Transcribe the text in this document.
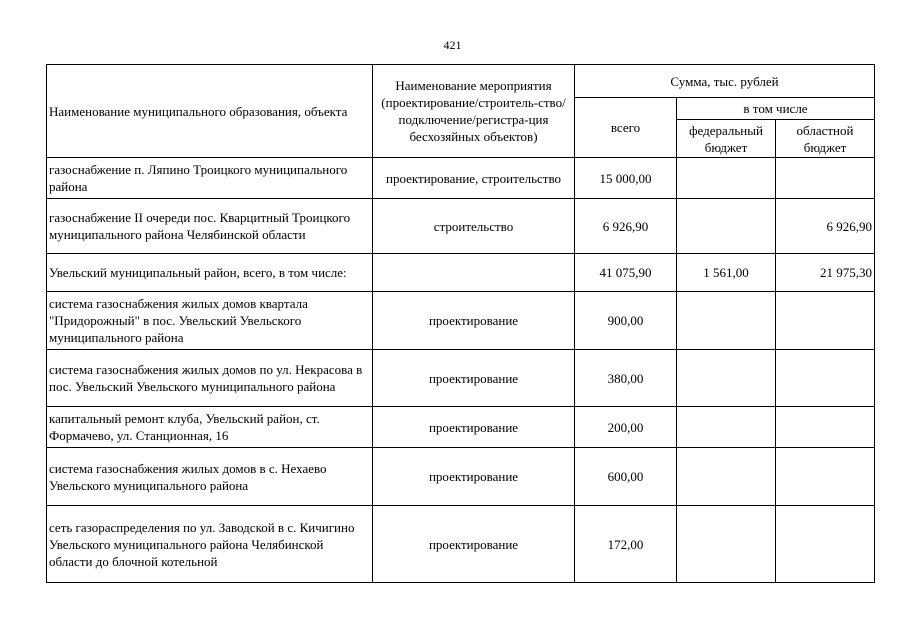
421
Наименование муниципального образования, объекта	Наименование мероприятия (проектирование/строитель-ство/подключение/регистра-ция бесхозяйных объектов)	Сумма, тыс. рублей		
		всего	в том числе	
			федеральный бюджет	областной бюджет
газоснабжение п. Ляпино Троицкого муниципального района	проектирование, строительство	15 000,00		
газоснабжение II очереди пос. Кварцитный Троицкого муниципального района Челябинской области	строительство	6 926,90		6 926,90
Увельский муниципальный район, всего, в том числе:		41 075,90	1 561,00	21 975,30
система газоснабжения жилых домов квартала "Придорожный" в пос. Увельский Увельского муниципального района	проектирование	900,00		
система газоснабжения жилых домов по ул. Некрасова в пос. Увельский Увельского муниципального района	проектирование	380,00		
капитальный ремонт клуба, Увельский район, ст. Формачево, ул. Станционная, 16	проектирование	200,00		
система газоснабжения жилых домов в с. Нехаево Увельского муниципального района	проектирование	600,00		
сеть газораспределения по ул. Заводской в с. Кичигино Увельского муниципального района Челябинской области до блочной котельной	проектирование	172,00		
